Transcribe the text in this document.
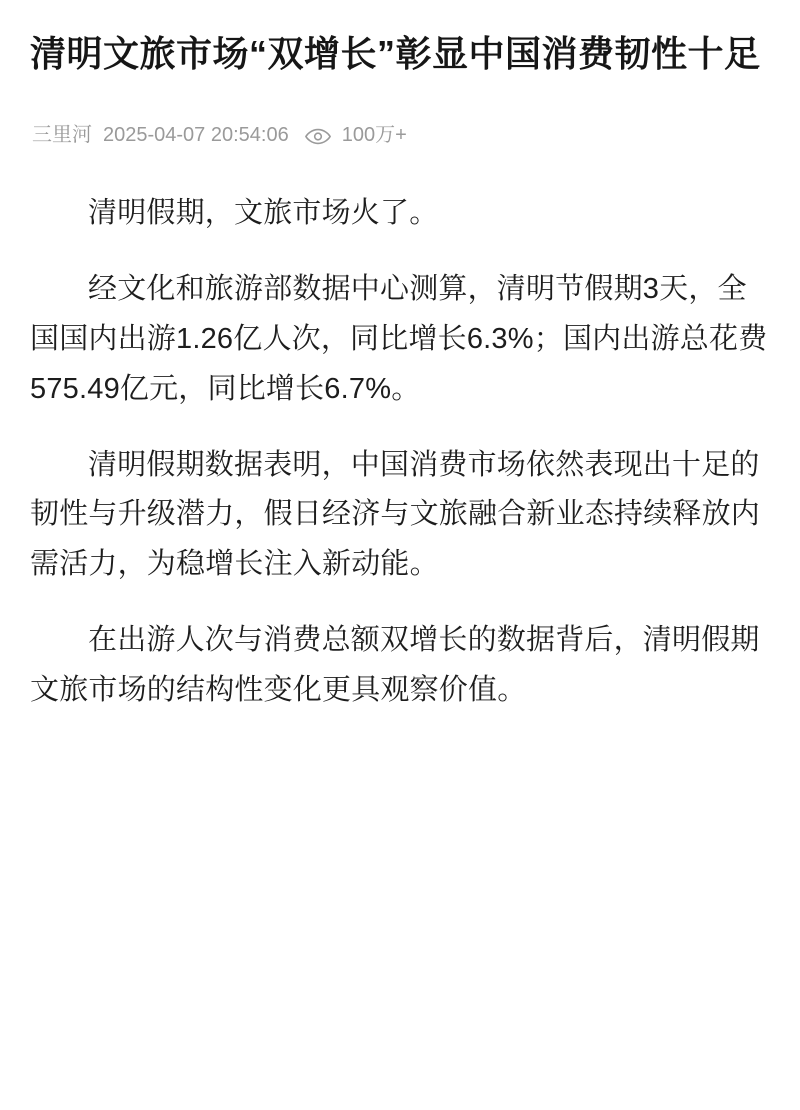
清明文旅市场“双增长”彰显中国消费韧性十足
三里河 2025-04-07 20:54:06	100万+

清明假期，文旅市场火了。

经文化和旅游部数据中心测算，清明节假期3天，全国国内出游1.26亿人次，同比增长6.3%；国内出游总花费575.49亿元，同比增长6.7%。

清明假期数据表明，中国消费市场依然表现出十足的韧性与升级潜力，假日经济与文旅融合新业态持续释放内需活力，为稳增长注入新动能。

在出游人次与消费总额双增长的数据背后，清明假期文旅市场的结构性变化更具观察价值。
